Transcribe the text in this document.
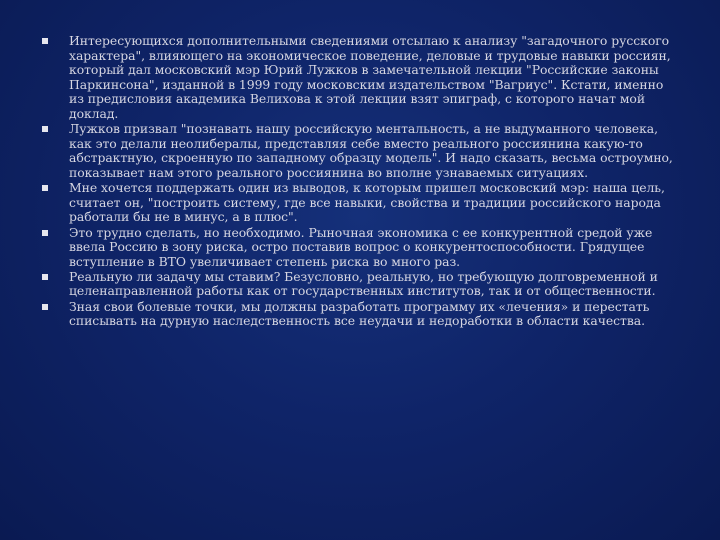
Интересующихся дополнительными сведениями отсылаю к анализу "загадочного русского характера", влияющего на экономическое поведение, деловые и трудовые навыки россиян, который дал московский мэр Юрий Лужков в замечательной лекции "Российские законы Паркинсона", изданной в 1999 году московским издательством "Вагриус". Кстати, именно из предисловия академика Велихова к этой лекции взят эпиграф, с которого начат мой доклад.
Лужков призвал "познавать нашу российскую ментальность, а не выдуманного человека, как это делали неолибералы, представляя себе вместо реального россиянина какую-то абстрактную, скроенную по западному образцу модель". И надо сказать, весьма остроумно, показывает нам этого реального россиянина во вполне узнаваемых ситуациях.
Мне хочется поддержать один из выводов, к которым пришел московский мэр: наша цель, считает он, "построить систему, где все навыки, свойства и традиции российского народа работали бы не в минус, а в плюс".
Это трудно сделать, но необходимо. Рыночная экономика с ее конкурентной средой уже ввела Россию в зону риска, остро поставив вопрос о конкурентоспособности. Грядущее вступление в ВТО увеличивает степень риска во много раз.
Реальную ли задачу мы ставим? Безусловно, реальную, но требующую долговременной и целенаправленной работы как от государственных институтов, так и от общественности.
Зная свои болевые точки, мы должны разработать программу их «лечения» и перестать списывать на дурную наследственность все неудачи и недоработки в области качества.
